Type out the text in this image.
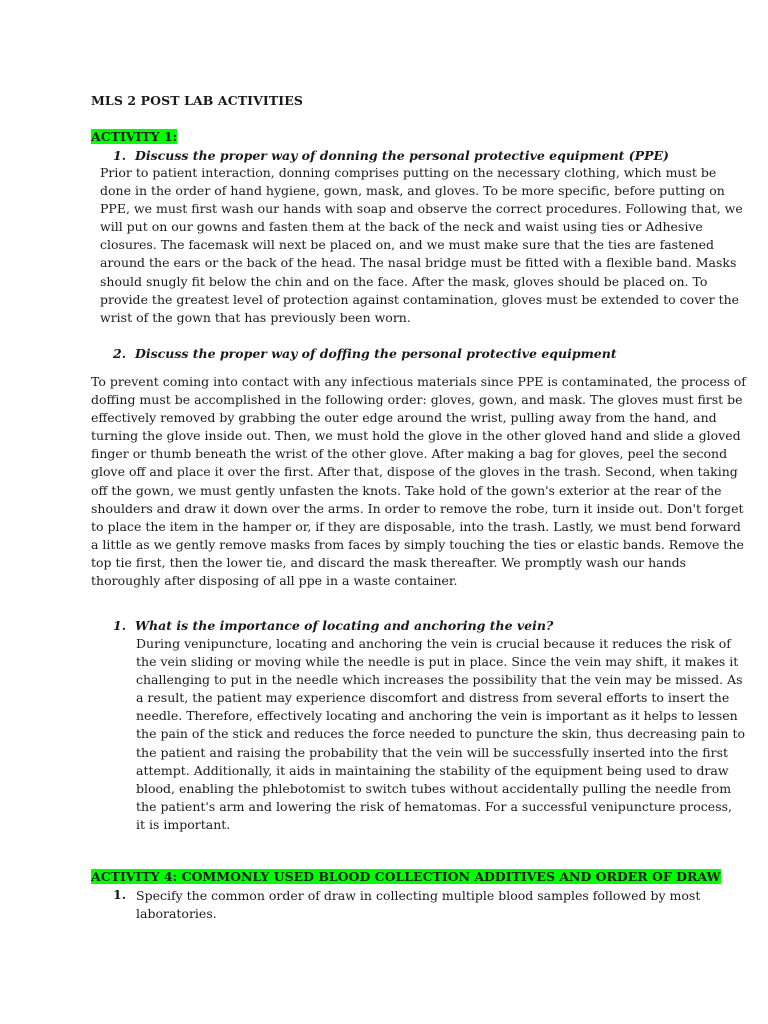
MLS 2 POST LAB ACTIVITIES
ACTIVITY 1:
1. Discuss the proper way of donning the personal protective equipment (PPE)
Prior to patient interaction, donning comprises putting on the necessary clothing, which must be
done in the order of hand hygiene, gown, mask, and gloves. To be more specific, before putting on
PPE, we must first wash our hands with soap and observe the correct procedures. Following that, we
will put on our gowns and fasten them at the back of the neck and waist using ties or Adhesive
closures. The facemask will next be placed on, and we must make sure that the ties are fastened
around the ears or the back of the head. The nasal bridge must be fitted with a flexible band. Masks
should snugly fit below the chin and on the face. After the mask, gloves should be placed on. To
provide the greatest level of protection against contamination, gloves must be extended to cover the
wrist of the gown that has previously been worn.
2. Discuss the proper way of doffing the personal protective equipment
To prevent coming into contact with any infectious materials since PPE is contaminated, the process of
doffing must be accomplished in the following order: gloves, gown, and mask. The gloves must first be
effectively removed by grabbing the outer edge around the wrist, pulling away from the hand, and
turning the glove inside out. Then, we must hold the glove in the other gloved hand and slide a gloved
finger or thumb beneath the wrist of the other glove. After making a bag for gloves, peel the second
glove off and place it over the first. After that, dispose of the gloves in the trash. Second, when taking
off the gown, we must gently unfasten the knots. Take hold of the gown's exterior at the rear of the
shoulders and draw it down over the arms. In order to remove the robe, turn it inside out. Don't forget
to place the item in the hamper or, if they are disposable, into the trash. Lastly, we must bend forward
a little as we gently remove masks from faces by simply touching the ties or elastic bands. Remove the
top tie first, then the lower tie, and discard the mask thereafter. We promptly wash our hands
thoroughly after disposing of all ppe in a waste container.
1. What is the importance of locating and anchoring the vein?
During venipuncture, locating and anchoring the vein is crucial because it reduces the risk of
the vein sliding or moving while the needle is put in place. Since the vein may shift, it makes it
challenging to put in the needle which increases the possibility that the vein may be missed. As
a result, the patient may experience discomfort and distress from several efforts to insert the
needle. Therefore, effectively locating and anchoring the vein is important as it helps to lessen
the pain of the stick and reduces the force needed to puncture the skin, thus decreasing pain to
the patient and raising the probability that the vein will be successfully inserted into the first
attempt. Additionally, it aids in maintaining the stability of the equipment being used to draw
blood, enabling the phlebotomist to switch tubes without accidentally pulling the needle from
the patient's arm and lowering the risk of hematomas. For a successful venipuncture process,
it is important.
ACTIVITY 4: COMMONLY USED BLOOD COLLECTION ADDITIVES AND ORDER OF DRAW
1. Specify the common order of draw in collecting multiple blood samples followed by most
laboratories.
